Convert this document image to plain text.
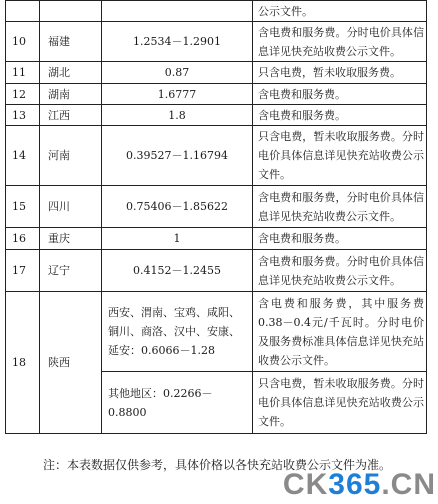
			公示文件。
10	福建	1.2534－1.2901	含电费和服务费。分时电价具体信息详见快充站收费公示文件。
11	湖北	0.87	只含电费，暂未收取服务费。
12	湖南	1.6777	含电费和服务费。
13	江西	1.8	含电费和服务费。
14	河南	0.39527－1.16794	只含电费，暂未收取服务费。分时电价具体信息详见快充站收费公示文件。
15	四川	0.75406－1.85622	含电费和服务费，分时电价具体信息详见快充站收费公示文件。
16	重庆	1	含电费和服务费。
17	辽宁	0.4152－1.2455	含电费和服务费。分时电价具体信息详见快充站收费公示文件。
18	陕西	西安、渭南、宝鸡、咸阳、铜川、商洛、汉中、安康、延安：0.6066－1.28	含电费和服务费，其中服务费0.38－0.4元/千瓦时。分时电价及服务费标准具体信息详见快充站收费公示文件。
		其他地区：0.2266－0.8800	只含电费，暂未收取服务费。分时电价具体信息详见快充站收费公示文件。
注：本表数据仅供参考，具体价格以各快充站收费公示文件为准。
CK365.CN
